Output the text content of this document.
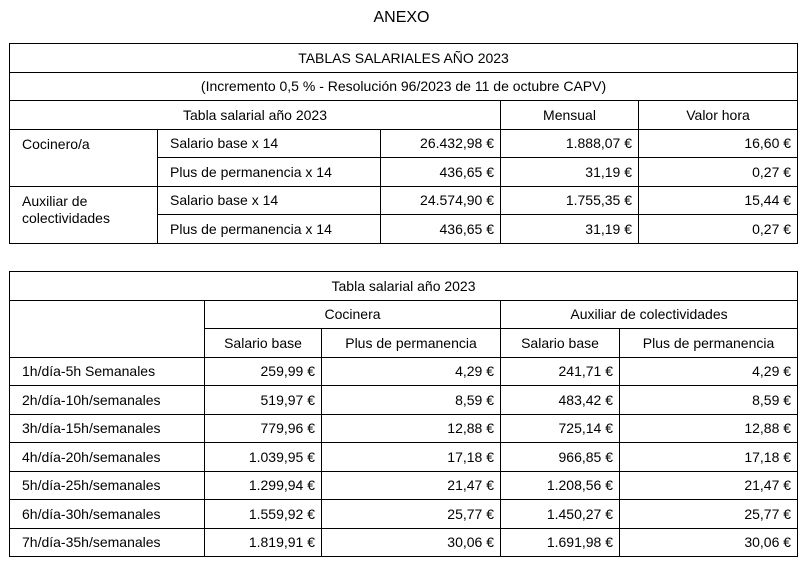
ANEXO
TABLAS SALARIALES AÑO 2023				
(Incremento 0,5 % - Resolución 96/2023 de 11 de octubre CAPV)				
Tabla salarial año 2023			Mensual	Valor hora
Cocinero/a	Salario base x 14	26.432,98 €	1.888,07 €	16,60 €
	Plus de permanencia x 14	436,65 €	31,19 €	0,27 €
Auxiliar de colectividades	Salario base x 14	24.574,90 €	1.755,35 €	15,44 €
	Plus de permanencia x 14	436,65 €	31,19 €	0,27 €
Tabla salarial año 2023				
	Cocinera		Auxiliar de colectividades	
	Salario base	Plus de permanencia	Salario base	Plus de permanencia
1h/día-5h Semanales	259,99 €	4,29 €	241,71 €	4,29 €
2h/día-10h/semanales	519,97 €	8,59 €	483,42 €	8,59 €
3h/día-15h/semanales	779,96 €	12,88 €	725,14 €	12,88 €
4h/día-20h/semanales	1.039,95 €	17,18 €	966,85 €	17,18 €
5h/día-25h/semanales	1.299,94 €	21,47 €	1.208,56 €	21,47 €
6h/día-30h/semanales	1.559,92 €	25,77 €	1.450,27 €	25,77 €
7h/día-35h/semanales	1.819,91 €	30,06 €	1.691,98 €	30,06 €
